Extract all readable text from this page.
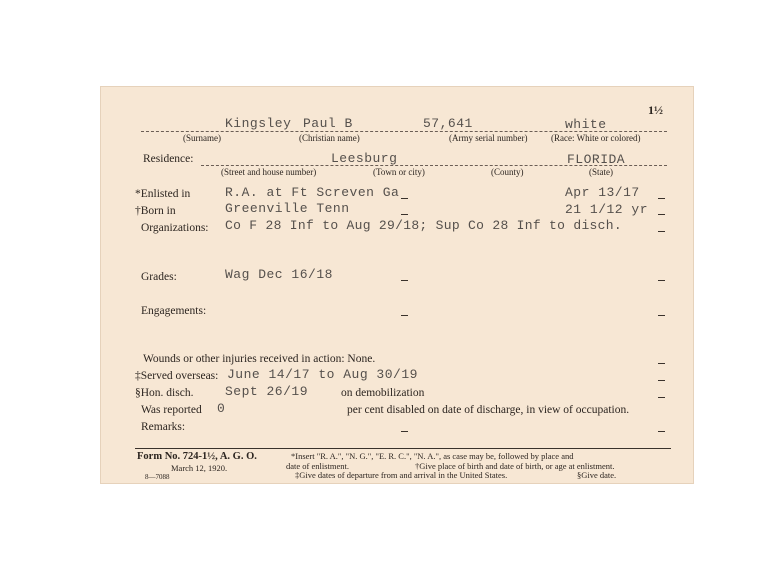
1½
Kingsley Paul B	57,641	white
(Surname)	(Christian name)	(Army serial number)	(Race: White or colored)
Residence:	Leesburg	FLORIDA
(Street and house number)	(Town or city)	(County)	(State)
*Enlisted in	R.A. at Ft Screven Ga	Apr 13/17
†Born in	Greenville Tenn	21 1/12 yr
Organizations: Co F 28 Inf to Aug 29/18; Sup Co 28 Inf to disch.
Grades:	Wag Dec 16/18
Engagements:
Wounds or other injuries received in action: None.
‡Served overseas: June 14/17 to Aug 30/19
§Hon. disch. Sept 26/19	on demobilization
Was reported 0	per cent disabled on date of discharge, in view of occupation.
Remarks:
Form No. 724-1½, A. G. O.
March 12, 1920.
8—7088
*Insert "R. A.", "N. G.", "E. R. C.", "N. A.", as case may be, followed by place and
date of enlistment.	†Give place of birth and date of birth, or age at enlistment.
‡Give dates of departure from and arrival in the United States.	§Give date.
